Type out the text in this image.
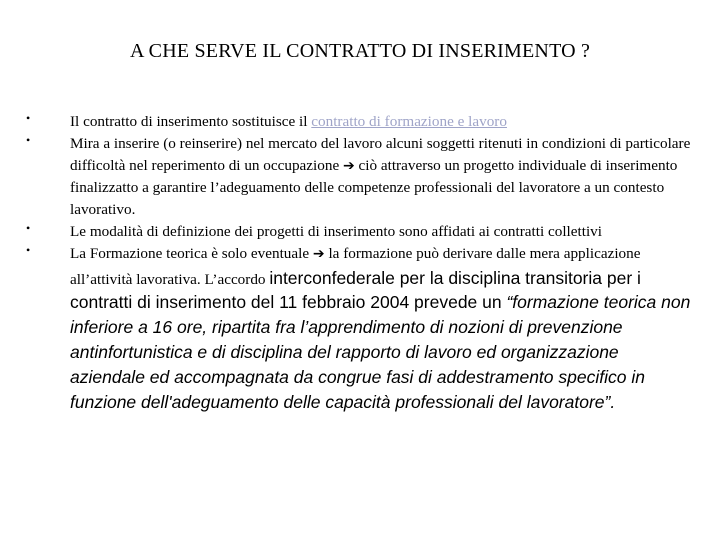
A CHE SERVE IL CONTRATTO DI INSERIMENTO ?
•	Il contratto di inserimento sostituisce il contratto di formazione e lavoro
•	Mira a inserire (o reinserire) nel mercato del lavoro alcuni soggetti ritenuti in condizioni di particolare difficoltà nel reperimento di un occupazione ➔ ciò attraverso un progetto individuale di inserimento finalizzatto a garantire l’adeguamento delle competenze professionali del lavoratore a un contesto lavorativo.
•	Le modalità di definizione dei progetti di inserimento sono affidati ai contratti collettivi
•	La Formazione teorica è solo eventuale ➔ la formazione può derivare dalle mera applicazione all’attività lavorativa. L’accordo interconfederale per la disciplina transitoria per i contratti di inserimento del 11 febbraio 2004 prevede un “formazione teorica non inferiore a 16 ore, ripartita fra l’apprendimento di nozioni di prevenzione antinfortunistica e di disciplina del rapporto di lavoro ed organizzazione aziendale ed accompagnata da congrue fasi di addestramento specifico in funzione dell'adeguamento delle capacità professionali del lavoratore”.
